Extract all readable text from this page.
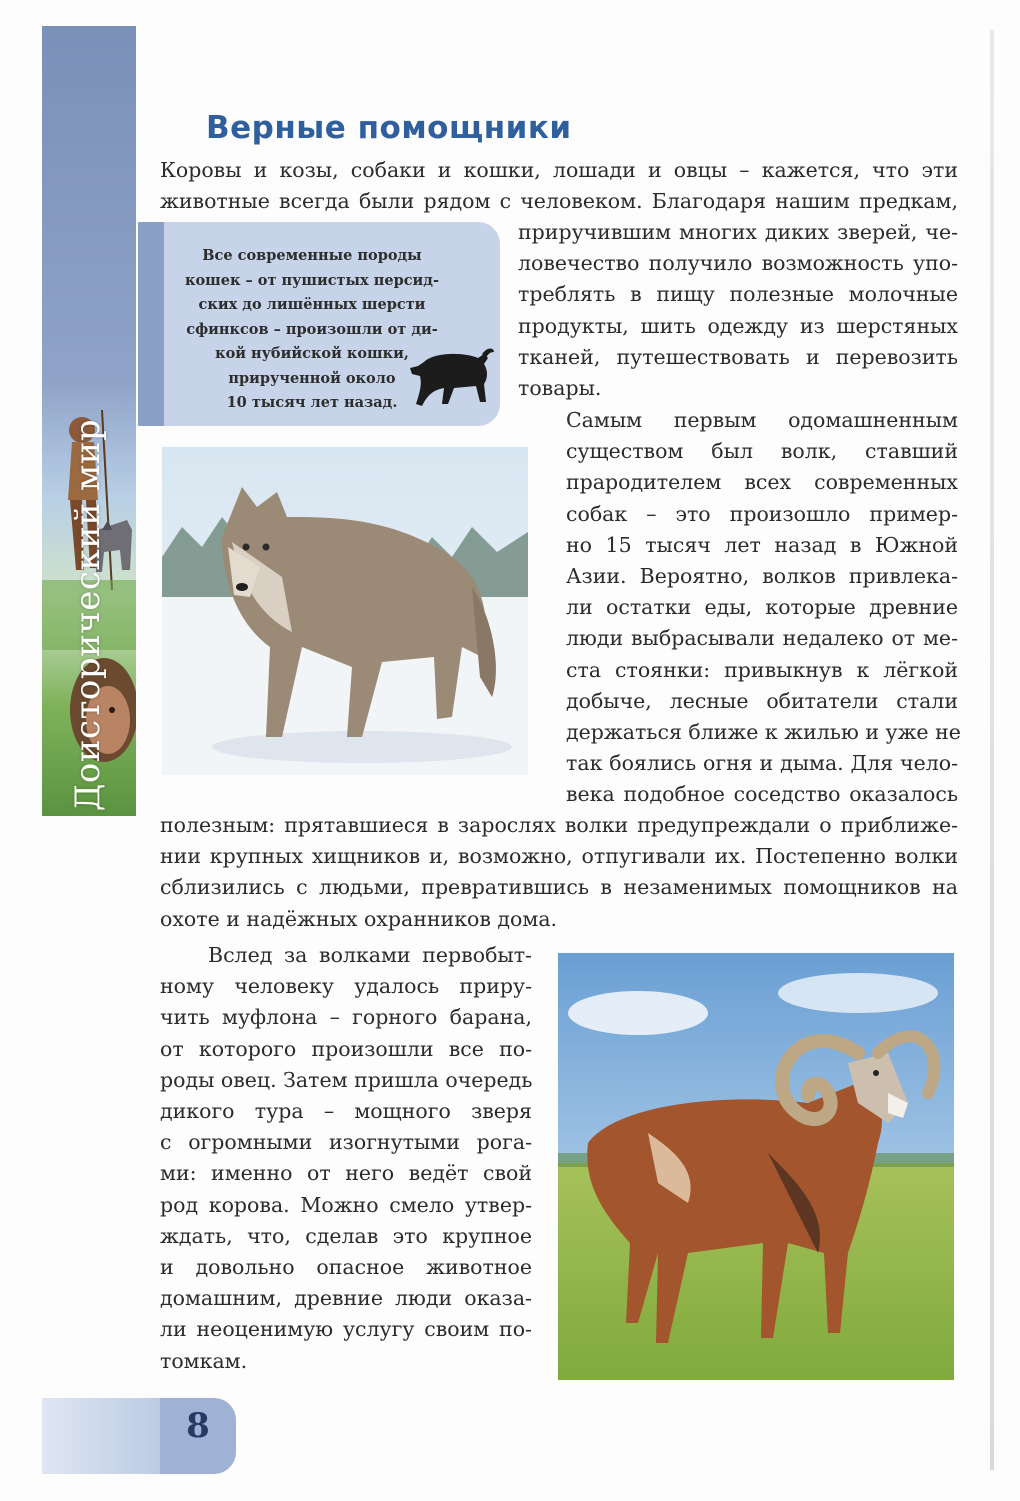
Доисторический мир
Верные помощники
Коровы и козы, собаки и кошки, лошади и овцы – кажется, что эти
животные всегда были рядом с человеком. Благодаря нашим предкам,
приручившим многих диких зверей, че-
ловечество получило возможность упо-
треблять в пищу полезные молочные
продукты, шить одежду из шерстяных
тканей, путешествовать и перевозить
товары.
Все современные породы
кошек – от пушистых персид-
ских до лишённых шерсти
сфинксов – произошли от ди-
кой нубийской кошки,
прирученной около
10 тысяч лет назад.
Самым первым одомашненным
существом был волк, ставший
прародителем всех современных
собак – это произошло пример-
но 15 тысяч лет назад в Южной
Азии. Вероятно, волков привлека-
ли остатки еды, которые древние
люди выбрасывали недалеко от ме-
ста стоянки: привыкнув к лёгкой
добыче, лесные обитатели стали
держаться ближе к жилью и уже не
так боялись огня и дыма. Для чело-
века подобное соседство оказалось
полезным: прятавшиеся в зарослях волки предупреждали о приближе-
нии крупных хищников и, возможно, отпугивали их. Постепенно волки
сблизились с людьми, превратившись в незаменимых помощников на
охоте и надёжных охранников дома.
Вслед за волками первобыт-
ному человеку удалось приру-
чить муфлона – горного барана,
от которого произошли все по-
роды овец. Затем пришла очередь
дикого тура – мощного зверя
с огромными изогнутыми рога-
ми: именно от него ведёт свой
род корова. Можно смело утвер-
ждать, что, сделав это крупное
и довольно опасное животное
домашним, древние люди оказа-
ли неоценимую услугу своим по-
томкам.

8
